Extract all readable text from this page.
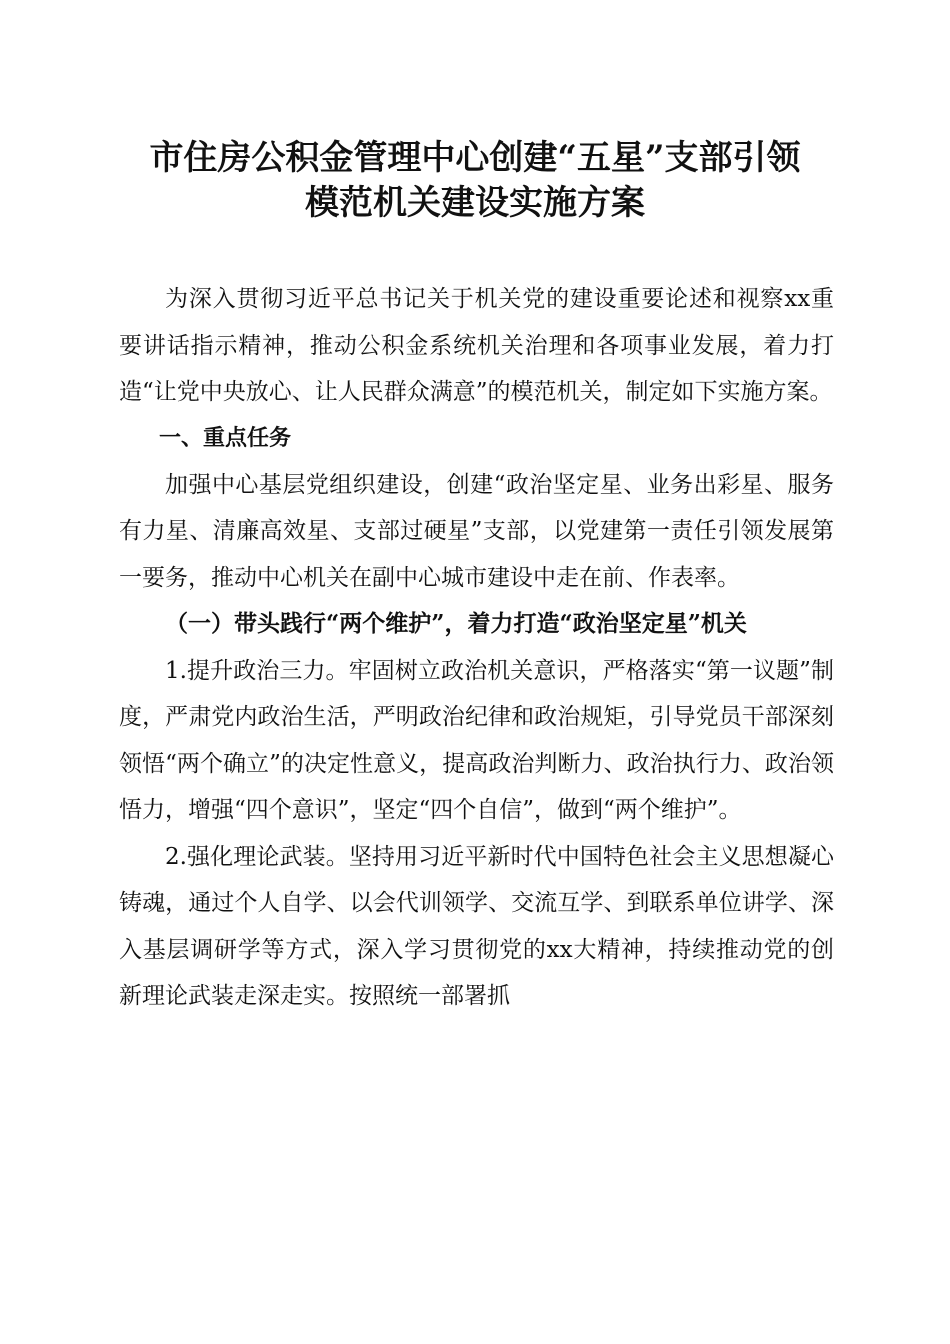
市住房公积金管理中心创建“五星”支部引领
模范机关建设实施方案

为深入贯彻习近平总书记关于机关党的建设重要论述和视察xx重要讲话指示精神，推动公积金系统机关治理和各项事业发展，着力打造“让党中央放心、让人民群众满意”的模范机关，制定如下实施方案。

一、重点任务

加强中心基层党组织建设，创建“政治坚定星、业务出彩星、服务有力星、清廉高效星、支部过硬星”支部，以党建第一责任引领发展第一要务，推动中心机关在副中心城市建设中走在前、作表率。

（一）带头践行“两个维护”，着力打造“政治坚定星”机关

1.提升政治三力。牢固树立政治机关意识，严格落实“第一议题”制度，严肃党内政治生活，严明政治纪律和政治规矩，引导党员干部深刻领悟“两个确立”的决定性意义，提高政治判断力、政治执行力、政治领悟力，增强“四个意识”，坚定“四个自信”，做到“两个维护”。

2.强化理论武装。坚持用习近平新时代中国特色社会主义思想凝心铸魂，通过个人自学、以会代训领学、交流互学、到联系单位讲学、深入基层调研学等方式，深入学习贯彻党的xx大精神，持续推动党的创新理论武装走深走实。按照统一部署抓
